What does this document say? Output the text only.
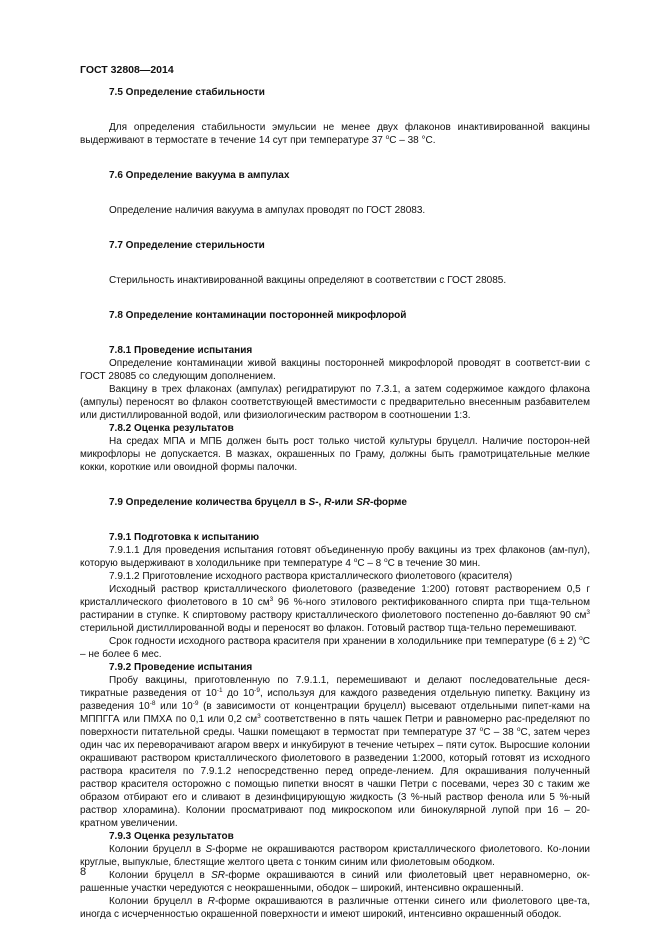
ГОСТ 32808—2014
7.5 Определение стабильности

Для определения стабильности эмульсии не менее двух флаконов инактивированной вакцины выдерживают в термостате в течение 14 сут при температуре 37 $^о$С – 38 °С.

7.6 Определение вакуума в ампулах

Определение наличия вакуума в ампулах проводят по ГОСТ 28083.

7.7 Определение стерильности

Стерильность инактивированной вакцины определяют в соответствии с ГОСТ 28085.

7.8 Определение контаминации посторонней микрофлорой
7.8.1 Проведение испытания

Определение контаминации живой вакцины посторонней микрофлорой проводят в соответст-вии с ГОСТ 28085 со следующим дополнением.

Вакцину в трех флаконах (ампулах) регидратируют по 7.3.1, а затем содержимое каждого флакона (ампулы) переносят во флакон соответствующей вместимости с предварительно внесенным разбавителем или дистиллированной водой, или физиологическим раствором в соотношении 1:3.

7.8.2 Оценка результатов

На средах МПА и МПБ должен быть рост только чистой культуры бруцелл. Наличие посторон-ней микрофлоры не допускается. В мазках, окрашенных по Граму, должны быть грамотрицательные мелкие кокки, короткие или овоидной формы палочки.

7.9 Определение количества бруцелл в S-, R-или SR-форме
7.9.1 Подготовка к испытанию

7.9.1.1 Для проведения испытания готовят объединенную пробу вакцины из трех флаконов (ам-пул), которую выдерживают в холодильнике при температуре 4 $^о$С – 8 $^о$С в течение 30 мин.

7.9.1.2 Приготовление исходного раствора кристаллического фиолетового (красителя)

Исходный раствор кристаллического фиолетового (разведение 1:200) готовят растворением 0,5 г кристаллического фиолетового в 10 $см^3$ 96 %-ного этилового ректификованного спирта при тща-тельном растирании в ступке. К спиртовому раствору кристаллического фиолетового постепенно до-бавляют 90 $см^3$ стерильной дистиллированной воды и переносят во флакон. Готовый раствор тща-тельно перемешивают.

Срок годности исходного раствора красителя при хранении в холодильнике при температуре (6 ± 2) $^о$С – не более 6 мес.

7.9.2 Проведение испытания

Пробу вакцины, приготовленную по 7.9.1.1, перемешивают и делают последовательные деся-тикратные разведения от $10^{-1}$ до $10^{-9}$, используя для каждого разведения отдельную пипетку. Вакцину из разведения $10^{-8}$ или $10^{-9}$ (в зависимости от концентрации бруцелл) высевают отдельными пипет-ками на МППГГА или ПМХА по 0,1 или 0,2 $см^3$ соответственно в пять чашек Петри и равномерно рас-пределяют по поверхности питательной среды. Чашки помещают в термостат при температуре 37 $^о$С – 38 $^о$С, затем через один час их переворачивают агаром вверх и инкубируют в течение четырех – пяти суток. Выросшие колонии окрашивают раствором кристаллического фиолетового в разведении 1:2000, который готовят из исходного раствора красителя по 7.9.1.2 непосредственно перед опреде-лением. Для окрашивания полученный раствор красителя осторожно с помощью пипетки вносят в чашки Петри с посевами, через 30 с таким же образом отбирают его и сливают в дезинфицирующую жидкость (3 %-ный раствор фенола или 5 %-ный раствор хлорамина). Колонии просматривают под микроскопом или бинокулярной лупой при 16 – 20-кратном увеличении.

7.9.3 Оценка результатов

Колонии бруцелл в S-форме не окрашиваются раствором кристаллического фиолетового. Ко-лонии круглые, выпуклые, блестящие желтого цвета с тонким синим или фиолетовым ободком.

Колонии бруцелл в SR-форме окрашиваются в синий или фиолетовый цвет неравномерно, ок-рашенные участки чередуются с неокрашенными, ободок – широкий, интенсивно окрашенный.

Колонии бруцелл в R-форме окрашиваются в различные оттенки синего или фиолетового цве-та, иногда с исчерченностью окрашенной поверхности и имеют широкий, интенсивно окрашенный ободок.

8
